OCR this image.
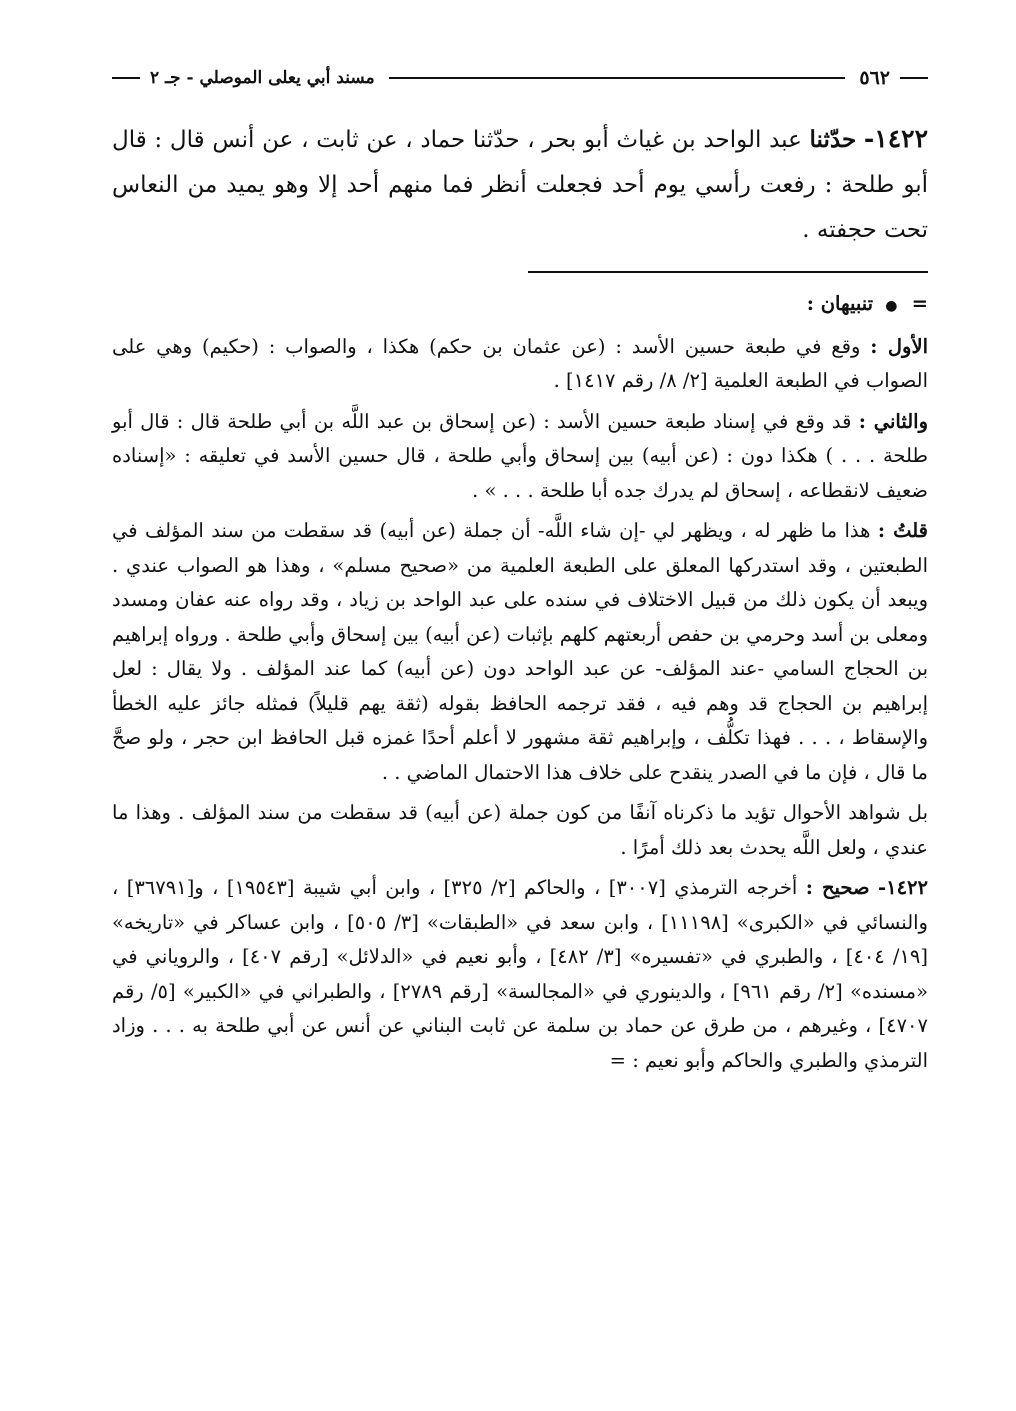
٥٦٢
مسند أبي يعلى الموصلي - جـ ٢
١٤٢٢- حدّثنا عبد الواحد بن غياث أبو بحر ، حدّثنا حماد ، عن ثابت ، عن أنس قال : قال أبو طلحة : رفعت رأسي يوم أحد فجعلت أنظر فما منهم أحد إلا وهو يميد من النعاس تحت حجفته .

= ● تنبيهان :

الأول : وقع في طبعة حسين الأسد : (عن عثمان بن حكم) هكذا ، والصواب : (حكيم) وهي على الصواب في الطبعة العلمية [٢/ ٨/ رقم ١٤١٧] .

والثاني : قد وقع في إسناد طبعة حسين الأسد : (عن إسحاق بن عبد اللَّه بن أبي طلحة قال : قال أبو طلحة . . . ) هكذا دون : (عن أبيه) بين إسحاق وأبي طلحة ، قال حسين الأسد في تعليقه : «إسناده ضعيف لانقطاعه ، إسحاق لم يدرك جده أبا طلحة . . . » .

قلتُ : هذا ما ظهر له ، ويظهر لي -إن شاء اللَّه- أن جملة (عن أبيه) قد سقطت من سند المؤلف في الطبعتين ، وقد استدركها المعلق على الطبعة العلمية من «صحيح مسلم» ، وهذا هو الصواب عندي . ويبعد أن يكون ذلك من قبيل الاختلاف في سنده على عبد الواحد بن زياد ، وقد رواه عنه عفان ومسدد ومعلى بن أسد وحرمي بن حفص أربعتهم كلهم بإثبات (عن أبيه) بين إسحاق وأبي طلحة . ورواه إبراهيم بن الحجاج السامي -عند المؤلف- عن عبد الواحد دون (عن أبيه) كما عند المؤلف . ولا يقال : لعل إبراهيم بن الحجاج قد وهم فيه ، فقد ترجمه الحافظ بقوله (ثقة يهم قليلاً) فمثله جائز عليه الخطأ والإسقاط ، . . . فهذا تكلُّف ، وإبراهيم ثقة مشهور لا أعلم أحدًا غمزه قبل الحافظ ابن حجر ، ولو صحَّ ما قال ، فإن ما في الصدر ينقدح على خلاف هذا الاحتمال الماضي . .

بل شواهد الأحوال تؤيد ما ذكرناه آنفًا من كون جملة (عن أبيه) قد سقطت من سند المؤلف . وهذا ما عندي ، ولعل اللَّه يحدث بعد ذلك أمرًا .

١٤٢٢- صحيح : أخرجه الترمذي [٣٠٠٧] ، والحاكم [٢/ ٣٢٥] ، وابن أبي شيبة [١٩٥٤٣] ، و[٣٦٧٩١] ، والنسائي في «الكبرى» [١١١٩٨] ، وابن سعد في «الطبقات» [٣/ ٥٠٥] ، وابن عساكر في «تاريخه» [١٩/ ٤٠٤] ، والطبري في «تفسيره» [٣/ ٤٨٢] ، وأبو نعيم في «الدلائل» [رقم ٤٠٧] ، والروياني في «مسنده» [٢/ رقم ٩٦١] ، والدينوري في «المجالسة» [رقم ٢٧٨٩] ، والطبراني في «الكبير» [٥/ رقم ٤٧٠٧] ، وغيرهم ، من طرق عن حماد بن سلمة عن ثابت البناني عن أنس عن أبي طلحة به . . . وزاد الترمذي والطبري والحاكم وأبو نعيم : =
